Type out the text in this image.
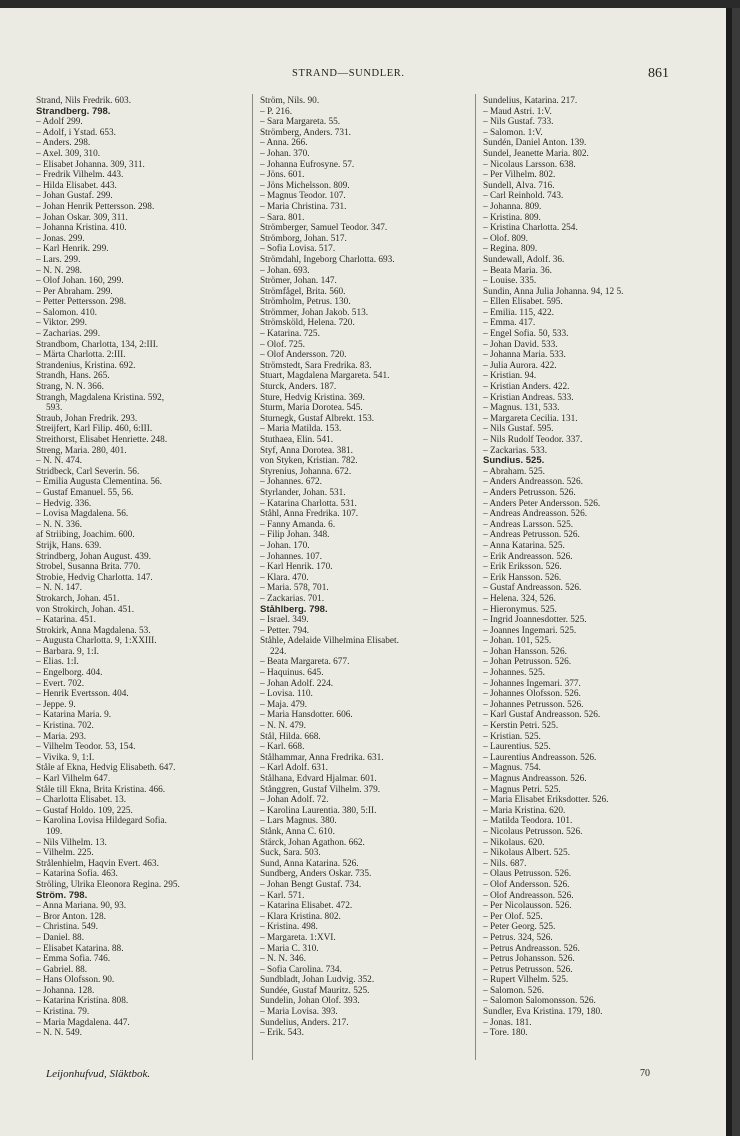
STRAND—SUNDLER.	861
Strand, Nils Fredrik. 603.
Strandberg. 798.
– Adolf 299.
– Adolf, i Ystad. 653.
– Anders. 298.
– Axel. 309, 310.
– Elisabet Johanna. 309, 311.
– Fredrik Vilhelm. 443.
– Hilda Elisabet. 443.
– Johan Gustaf. 299.
– Johan Henrik Pettersson. 298.
– Johan Oskar. 309, 311.
– Johanna Kristina. 410.
– Jonas. 299.
– Karl Henrik. 299.
– Lars. 299.
– N. N. 298.
– Olof Johan. 160, 299.
– Per Abraham. 299.
– Petter Pettersson. 298.
– Salomon. 410.
– Viktor. 299.
– Zacharias. 299.
Strandbom, Charlotta, 134, 2:III.
– Märta Charlotta. 2:III.
Strandenius, Kristina. 692.
Strandh, Hans. 265.
Strang, N. N. 366.
Strangh, Magdalena Kristina. 592,
593.
Straub, Johan Fredrik. 293.
Streijfert, Karl Filip. 460, 6:III.
Streithorst, Elisabet Henriette. 248.
Streng, Maria. 280, 401.
– N. N. 474.
Stridbeck, Carl Severin. 56.
– Emilia Augusta Clementina. 56.
– Gustaf Emanuel. 55, 56.
– Hedvig. 336.
– Lovisa Magdalena. 56.
– N. N. 336.
af Striibing, Joachim. 600.
Strijk, Hans. 639.
Strindberg, Johan August. 439.
Strobel, Susanna Brita. 770.
Strobie, Hedvig Charlotta. 147.
– N. N. 147.
Strokarch, Johan. 451.
von Strokirch, Johan. 451.
– Katarina. 451.
Strokirk, Anna Magdalena. 53.
– Augusta Charlotta. 9, 1:XXIII.
– Barbara. 9, 1:I.
– Elias. 1:I.
– Engelborg. 404.
– Evert. 702.
– Henrik Evertsson. 404.
– Jeppe. 9.
– Katarina Maria. 9.
– Kristina. 702.
– Maria. 293.
– Vilhelm Teodor. 53, 154.
– Vivika. 9, 1:I.
Ståle af Ekna, Hedvig Elisabeth. 647.
– Karl Vilhelm 647.
Ståle till Ekna, Brita Kristina. 466.
– Charlotta Elisabet. 13.
– Gustaf Holdo. 109, 225.
– Karolina Lovisa Hildegard Sofia.
109.
– Nils Vilhelm. 13.
– Vilhelm. 225.
Strålenhielm, Haqvin Evert. 463.
– Katarina Sofia. 463.
Ströling, Ulrika Eleonora Regina. 295.
Ström. 798.
– Anna Mariana. 90, 93.
– Bror Anton. 128.
– Christina. 549.
– Daniel. 88.
– Elisabet Katarina. 88.
– Emma Sofia. 746.
– Gabriel. 88.
– Hans Olofsson. 90.
– Johanna. 128.
– Katarina Kristina. 808.
– Kristina. 79.
– Maria Magdalena. 447.
– N. N. 549.
Ström, Nils. 90.
– P. 216.
– Sara Margareta. 55.
Strömberg, Anders. 731.
– Anna. 266.
– Johan. 370.
– Johanna Eufrosyne. 57.
– Jöns. 601.
– Jöns Michelsson. 809.
– Magnus Teodor. 107.
– Maria Christina. 731.
– Sara. 801.
Strömberger, Samuel Teodor. 347.
Strömborg, Johan. 517.
– Sofia Lovisa. 517.
Strömdahl, Ingeborg Charlotta. 693.
– Johan. 693.
Strömer, Johan. 147.
Strömfågel, Brita. 560.
Strömholm, Petrus. 130.
Strömmer, Johan Jakob. 513.
Strömsköld, Helena. 720.
– Katarina. 725.
– Olof. 725.
– Olof Andersson. 720.
Strömstedt, Sara Fredrika. 83.
Stuart, Magdalena Margareta. 541.
Sturck, Anders. 187.
Sture, Hedvig Kristina. 369.
Sturm, Maria Dorotea. 545.
Sturnegk, Gustaf Albrekt. 153.
– Maria Matilda. 153.
Stuthaea, Elin. 541.
Styf, Anna Dorotea. 381.
von Styken, Kristian. 782.
Styrenius, Johanna. 672.
– Johannes. 672.
Styrlander, Johan. 531.
– Katarina Charlotta. 531.
Ståhl, Anna Fredrika. 107.
– Fanny Amanda. 6.
– Filip Johan. 348.
– Johan. 170.
– Johannes. 107.
– Karl Henrik. 170.
– Klara. 470.
– Maria. 578, 701.
– Zackarias. 701.
Ståhlberg. 798.
– Israel. 349.
– Petter. 794.
Ståhle, Adelaide Vilhelmina Elisabet.
224.
– Beata Margareta. 677.
– Haquinus. 645.
– Johan Adolf. 224.
– Lovisa. 110.
– Maja. 479.
– Maria Hansdotter. 606.
– N. N. 479.
Stål, Hilda. 668.
– Karl. 668.
Stålhammar, Anna Fredrika. 631.
– Karl Adolf. 631.
Stålhana, Edvard Hjalmar. 601.
Stånggren, Gustaf Vilhelm. 379.
– Johan Adolf. 72.
– Karolina Laurentia. 380, 5:II.
– Lars Magnus. 380.
Stånk, Anna C. 610.
Stärck, Johan Agathon. 662.
Suck, Sara. 503.
Sund, Anna Katarina. 526.
Sundberg, Anders Oskar. 735.
– Johan Bengt Gustaf. 734.
– Karl. 571.
– Katarina Elisabet. 472.
– Klara Kristina. 802.
– Kristina. 498.
– Margareta. 1:XVI.
– Maria C. 310.
– N. N. 346.
– Sofia Carolina. 734.
Sundbladt, Johan Ludvig. 352.
Sundée, Gustaf Mauritz. 525.
Sundelin, Johan Olof. 393.
– Maria Lovisa. 393.
Sundelius, Anders. 217.
– Erik. 543.
Sundelius, Katarina. 217.
– Maud Astri. 1:V.
– Nils Gustaf. 733.
– Salomon. 1:V.
Sundén, Daniel Anton. 139.
Sundel, Jeanette Maria. 802.
– Nicolaus Larsson. 638.
– Per Vilhelm. 802.
Sundell, Alva. 716.
– Carl Reinhold. 743.
– Johanna. 809.
– Kristina. 809.
– Kristina Charlotta. 254.
– Olof. 809.
– Regina. 809.
Sundewall, Adolf. 36.
– Beata Maria. 36.
– Louise. 335.
Sundin, Anna Julia Johanna. 94, 12 5.
– Ellen Elisabet. 595.
– Emilia. 115, 422.
– Emma. 417.
– Engel Sofia. 50, 533.
– Johan David. 533.
– Johanna Maria. 533.
– Julia Aurora. 422.
– Kristian. 94.
– Kristian Anders. 422.
– Kristian Andreas. 533.
– Magnus. 131, 533.
– Margareta Cecilia. 131.
– Nils Gustaf. 595.
– Nils Rudolf Teodor. 337.
– Zackarias. 533.
Sundius. 525.
– Abraham. 525.
– Anders Andreasson. 526.
– Anders Petrusson. 526.
– Anders Peter Andersson. 526.
– Andreas Andreasson. 526.
– Andreas Larsson. 525.
– Andreas Petrusson. 526.
– Anna Katarina. 525.
– Erik Andreasson. 526.
– Erik Eriksson. 526.
– Erik Hansson. 526.
– Gustaf Andreasson. 526.
– Helena. 324, 526.
– Hieronymus. 525.
– Ingrid Joannesdotter. 525.
– Joannes Ingemari. 525.
– Johan. 101, 525.
– Johan Hansson. 526.
– Johan Petrusson. 526.
– Johannes. 525.
– Johannes Ingemari. 377.
– Johannes Olofsson. 526.
– Johannes Petrusson. 526.
– Karl Gustaf Andreasson. 526.
– Kerstin Petri. 525.
– Kristian. 525.
– Laurentius. 525.
– Laurentius Andreasson. 526.
– Magnus. 754.
– Magnus Andreasson. 526.
– Magnus Petri. 525.
– Maria Elisabet Eriksdotter. 526.
– Maria Kristina. 620.
– Matilda Teodora. 101.
– Nicolaus Petrusson. 526.
– Nikolaus. 620.
– Nikolaus Albert. 525.
– Nils. 687.
– Olaus Petrusson. 526.
– Olof Andersson. 526.
– Olof Andreasson. 526.
– Per Nicolausson. 526.
– Per Olof. 525.
– Peter Georg. 525.
– Petrus. 324, 526.
– Petrus Andreasson. 526.
– Petrus Johansson. 526.
– Petrus Petrusson. 526.
– Rupert Vilhelm. 525.
– Salomon. 526.
– Salomon Salomonsson. 526.
Sundler, Eva Kristina. 179, 180.
– Jonas. 181.
– Tore. 180.
Leijonhufvud, Släktbok.	70
